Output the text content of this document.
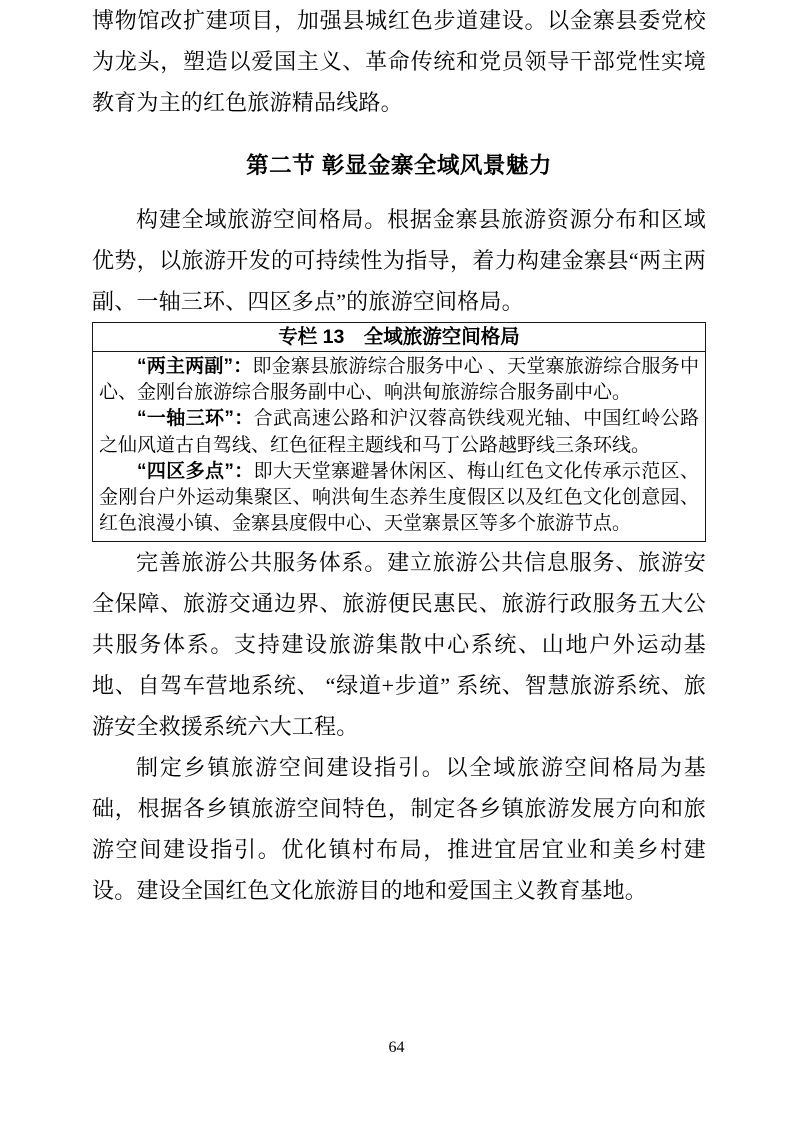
博物馆改扩建项目，加强县城红色步道建设。以金寨县委党校为龙头，塑造以爱国主义、革命传统和党员领导干部党性实境教育为主的红色旅游精品线路。

第二节 彰显金寨全域风景魅力

构建全域旅游空间格局。根据金寨县旅游资源分布和区域优势，以旅游开发的可持续性为指导，着力构建金寨县“两主两副、一轴三环、四区多点”的旅游空间格局。

专栏 13　全域旅游空间格局

“两主两副”：即金寨县旅游综合服务中心 、天堂寨旅游综合服务中心、金刚台旅游综合服务副中心、响洪甸旅游综合服务副中心。

“一轴三环”：合武高速公路和沪汉蓉高铁线观光轴、中国红岭公路之仙风道古自驾线、红色征程主题线和马丁公路越野线三条环线。

“四区多点”：即大天堂寨避暑休闲区、梅山红色文化传承示范区、金刚台户外运动集聚区、响洪甸生态养生度假区以及红色文化创意园、红色浪漫小镇、金寨县度假中心、天堂寨景区等多个旅游节点。

完善旅游公共服务体系。建立旅游公共信息服务、旅游安全保障、旅游交通边界、旅游便民惠民、旅游行政服务五大公共服务体系。支持建设旅游集散中心系统、山地户外运动基地、自驾车营地系统、 “绿道+步道” 系统、智慧旅游系统、旅游安全救援系统六大工程。

制定乡镇旅游空间建设指引。以全域旅游空间格局为基础，根据各乡镇旅游空间特色，制定各乡镇旅游发展方向和旅游空间建设指引。优化镇村布局，推进宜居宜业和美乡村建设。建设全国红色文化旅游目的地和爱国主义教育基地。

64
